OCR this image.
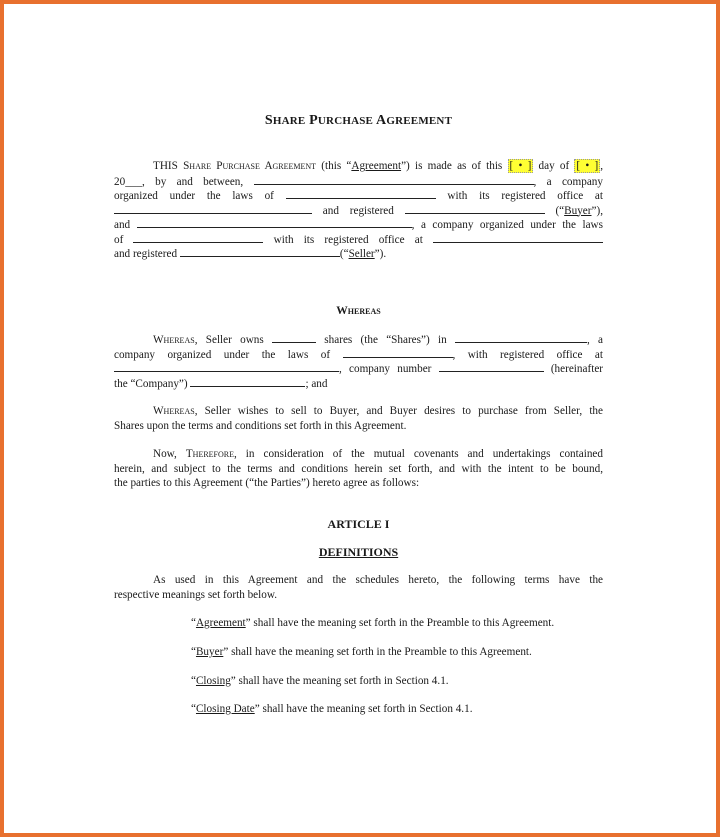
SHARE PURCHASE AGREEMENT
THIS Share Purchase Agreement (this “Agreement”) is made as of this [ • ] day of [ • ] ,
20___, by and between,	, a company
organized under the laws of	with its registered office at
and registered	(“Buyer”),
and	, a company organized under the laws
of	with its registered office at
and registered	(“Seller”).
Whereas
Whereas, Seller owns	shares (the “Shares”) in	, a
company organized under the laws of	, with registered office at
, company number	(hereinafter
the “Company”)	; and
Whereas, Seller wishes to sell to Buyer, and Buyer desires to purchase from Seller, the
Shares upon the terms and conditions set forth in this Agreement.
Now, Therefore, in consideration of the mutual covenants and undertakings contained
herein, and subject to the terms and conditions herein set forth, and with the intent to be bound,
the parties to this Agreement (“the Parties”) hereto agree as follows:
ARTICLE I
DEFINITIONS
As used in this Agreement and the schedules hereto, the following terms have the
respective meanings set forth below.
“Agreement” shall have the meaning set forth in the Preamble to this Agreement.
“Buyer” shall have the meaning set forth in the Preamble to this Agreement.
“Closing” shall have the meaning set forth in Section 4.1.
“Closing Date” shall have the meaning set forth in Section 4.1.
